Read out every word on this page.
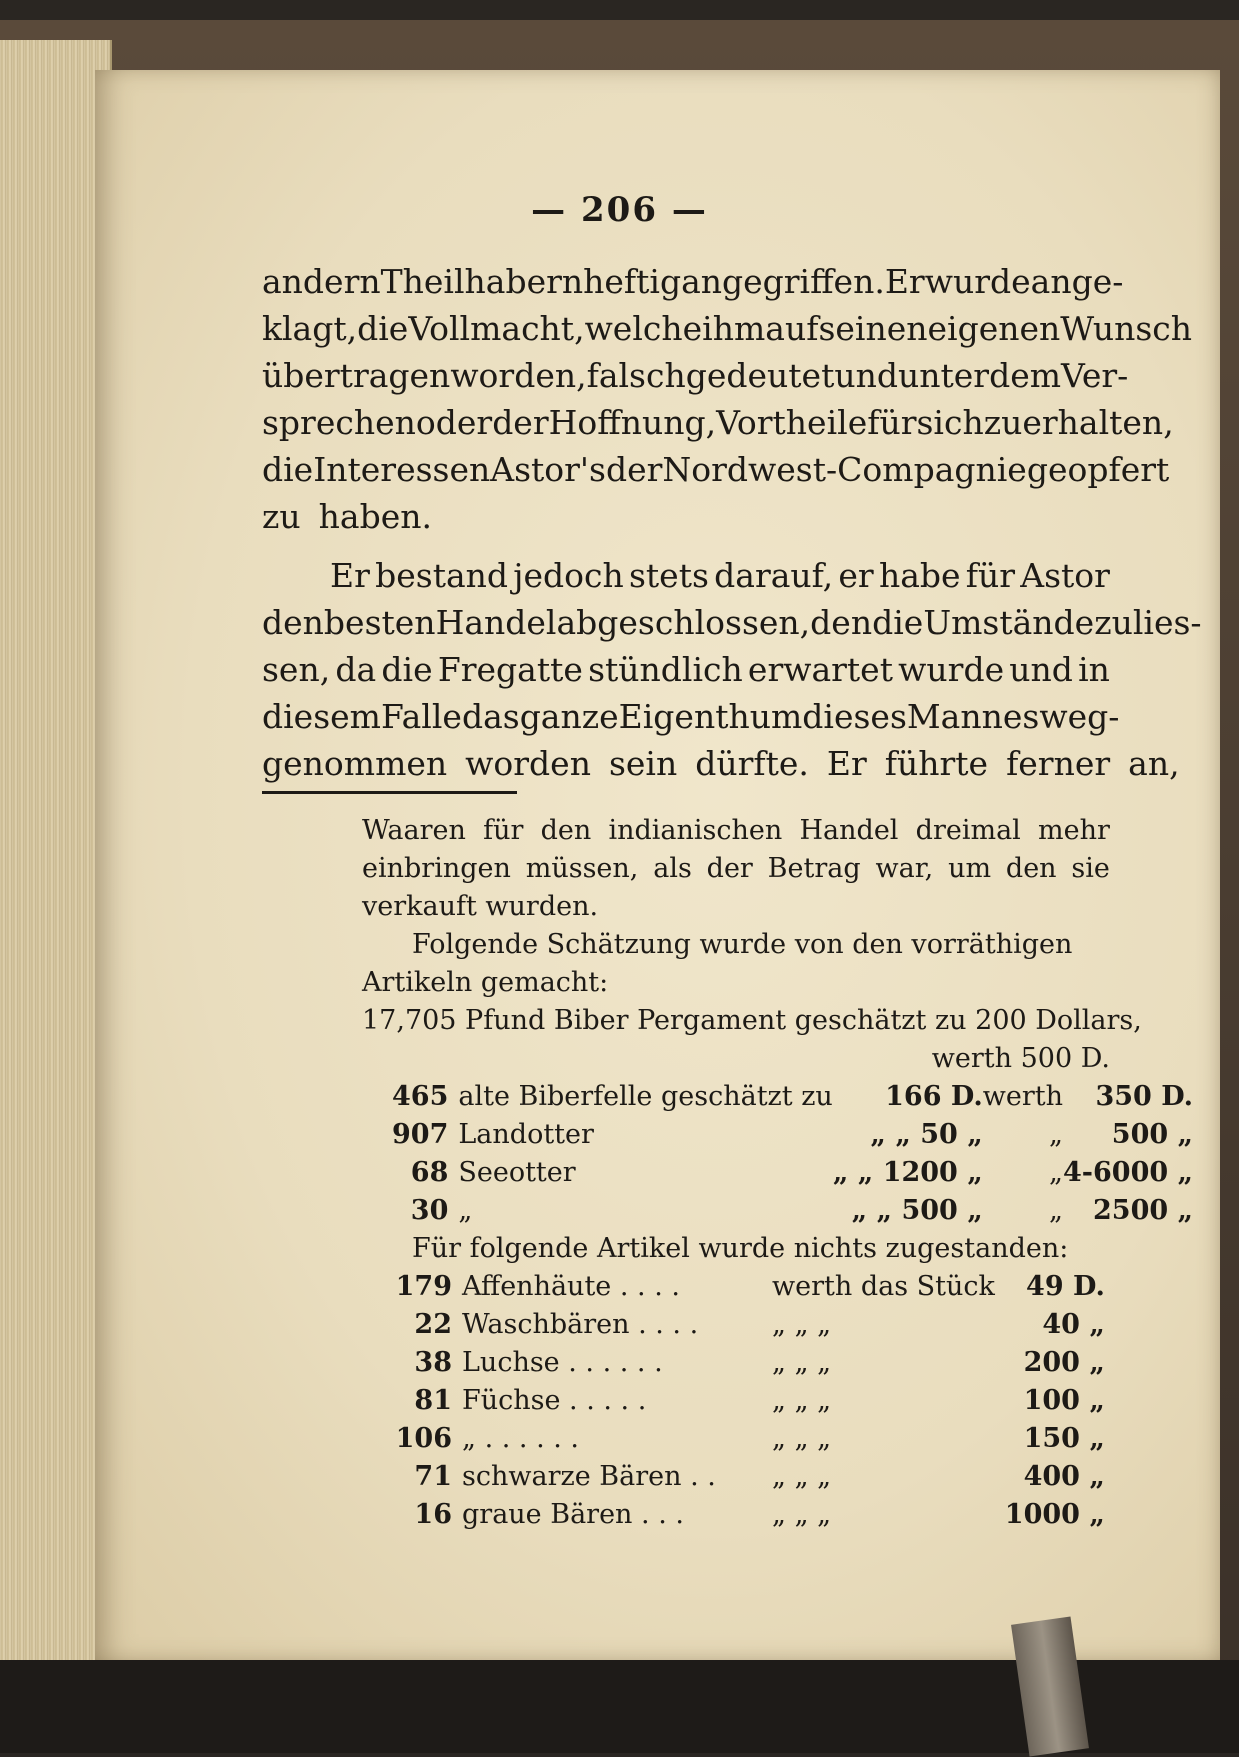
— 206 —
andern Theilhabern heftig angegriffen. Er wurde ange-
klagt, die Vollmacht, welche ihm auf seinen eigenen Wunsch
übertragen worden, falsch gedeutet und unter dem Ver-
sprechen oder der Hoffnung, Vortheile für sich zu erhalten,
die Interessen Astor's der Nordwest-Compagnie geopfert
zu haben.
Er bestand jedoch stets darauf, er habe für Astor
den besten Handel abgeschlossen, den die Umstände zulies-
sen, da die Fregatte stündlich erwartet wurde und in
diesem Falle das ganze Eigenthum dieses Mannes weg-
genommen worden sein dürfte. Er führte ferner an,
Waaren für den indianischen Handel dreimal mehr
einbringen müssen, als der Betrag war, um den sie
verkauft wurden.
Folgende Schätzung wurde von den vorräthigen
Artikeln gemacht:
17,705 Pfund Biber Pergament geschätzt zu 200 Dollars,
werth 500 D.
465	alte Biberfelle geschätzt zu	166 D.	werth	350 D.
907	Landotter	„ „ 50 „	„	500 „
68	Seeotter	„ „ 1200 „	„	4-6000 „
30	„	„ „ 500 „	„	2500 „
Für folgende Artikel wurde nichts zugestanden:
179	Affenhäute . . . .	werth das Stück	49 D.
22	Waschbären . . . .	„ „ „	40 „
38	Luchse . . . . . .	„ „ „	200 „
81	Füchse . . . . .	„ „ „	100 „
106	„ . . . . . .	„ „ „	150 „
71	schwarze Bären . .	„ „ „	400 „
16	graue Bären . . .	„ „ „	1000 „
